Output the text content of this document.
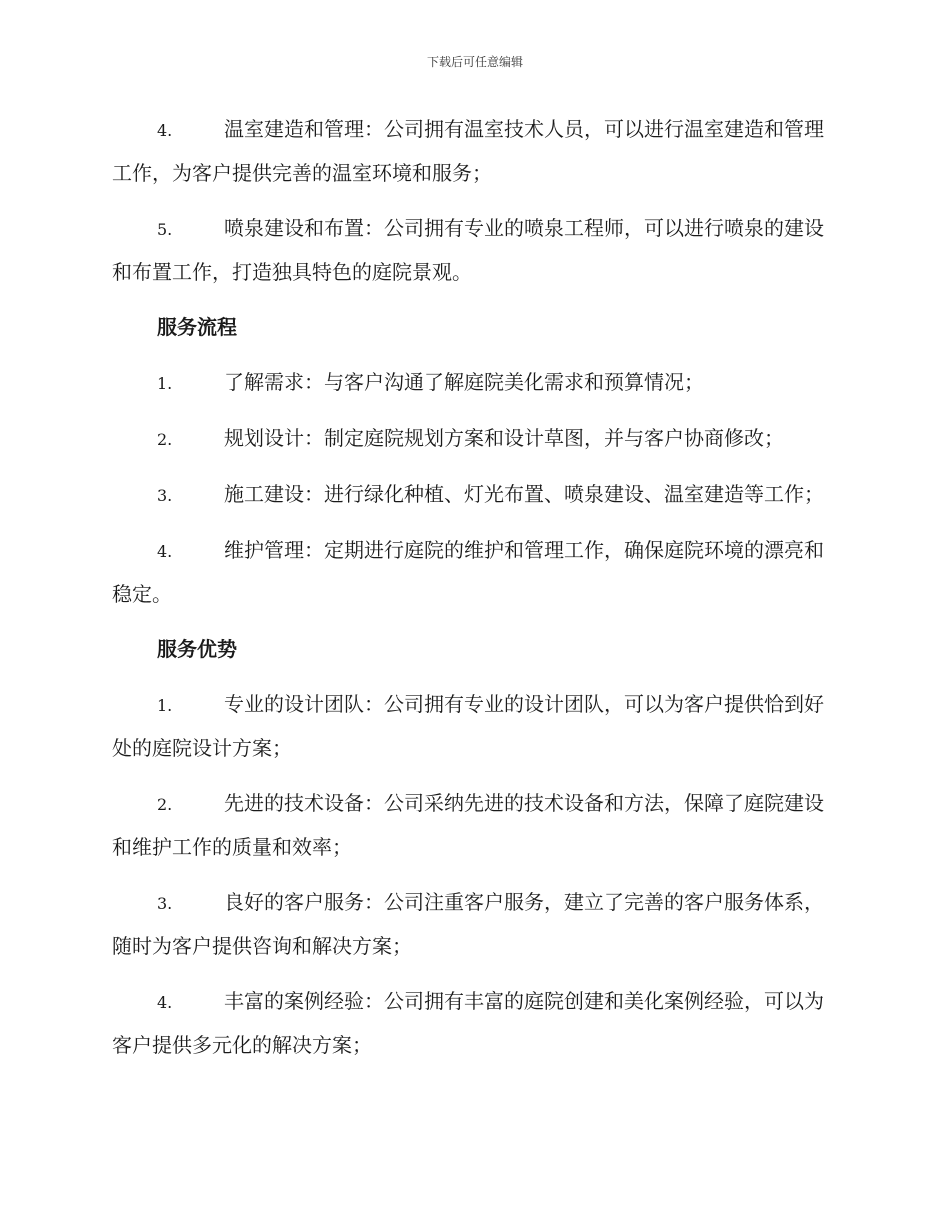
下载后可任意编辑

4.	温室建造和管理：公司拥有温室技术人员，可以进行温室建造和管理工作，为客户提供完善的温室环境和服务；

5.	喷泉建设和布置：公司拥有专业的喷泉工程师，可以进行喷泉的建设和布置工作，打造独具特色的庭院景观。

服务流程

1.	了解需求：与客户沟通了解庭院美化需求和预算情况；

2.	规划设计：制定庭院规划方案和设计草图，并与客户协商修改；

3.	施工建设：进行绿化种植、灯光布置、喷泉建设、温室建造等工作；

4.	维护管理：定期进行庭院的维护和管理工作，确保庭院环境的漂亮和稳定。

服务优势

1.	专业的设计团队：公司拥有专业的设计团队，可以为客户提供恰到好处的庭院设计方案；

2.	先进的技术设备：公司采纳先进的技术设备和方法，保障了庭院建设和维护工作的质量和效率；

3.	良好的客户服务：公司注重客户服务，建立了完善的客户服务体系，随时为客户提供咨询和解决方案；

4.	丰富的案例经验：公司拥有丰富的庭院创建和美化案例经验，可以为客户提供多元化的解决方案；
